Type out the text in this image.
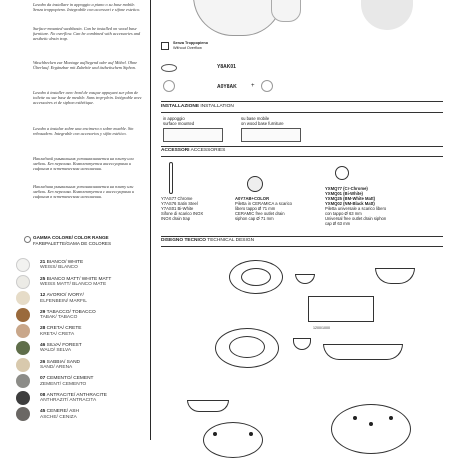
Lavabo da installare in appoggio a piano o su base mobile. Senza troppopieno. Integrabile con accessori e sifone estetico.

Surface-mounted washbasin. Can be installed on wood base furniture. No overflow. Can be combined with accessories and aesthetic drain trap.

Waschbecken zur Montage aufliegend oder auf Möbel. Ohne Überlauf. Ergänzbar mit Zubehör und ästhetischem Siphon.

Lavabo à installer avec bord de vasque appuyant sur plan de toilette ou sur base de meuble. Sans trop-plein. Intégrable avec accessoires et de siphon esthétique.

Lavabo a instalar sobre una encimera o sobre mueble. Sin rebosadero. Integrable con accesorios y sifón estético.

Накладной умывальник устанавливается на плиту или мебель. Без перелива. Комплектуется аксессуарами и сифоном в эстетическом исполнении.

Накладная умывальник устанавливается на плиту или мебель. Без перелива. Комплектуется с аксессуарами и сифоном в эстетическом исполнении.

GAMMA COLORE/ COLOR RANGE
FARBPALETTE/GAMA DE COLORES
21 BIANCO/ WHITE
WEISS/ BLANCO
25 BIANCO MATT/ WHITE MATT
WEISS MATT/ BLANCO MATE
12 AVORIO/ IVORY/
ELFENBEIN/ MARFIL
29 TABACCO/ TOBACCO
TABAK/ TABACO
28 CRETA/ CRETE
KRETA/ CRETA
46 SILVA/ FOREST
WALD/ SELVA
26 SABBIA/ SAND
SAND/ ARENA
07 CEMENTO/ CEMENT
ZEMENT/ CEMENTO
08 ANTRACITE/ ANTHRACITE
ANTHRAZIT/ ANTRACITA
45 CENERE/ ASH
ASCHE/ CENIZA
Senza Troppopieno
Without Overflow
Y8AK01
A0Y8AK +
INSTALLAZIONE INSTALLATION
in appoggio
surface mounted
su base mobile
on wood base furniture
ACCESSORI ACCESSORIES
Y7AS77 Chrome
Y7AS76 Satin Steel
Y7AS01 Bi-White
Sifone di scarico INOX
INOX drain trap
A0Y7AB+COLOR
Piletta in CERAMICA a scarico
libero tappo Ø 71 mm
CERAMIC free outlet drain
siphon cap Ø 71 mm
YXMQ77 (Cr-Chrome)
YXMQ01 (Bi-White)
YXMQ25 (BM-White Matt)
YXMQ02 (NM-Black Matt)
Piletta universale a scarico libero
con tappo Ø 63 mm
Universal free outlet drain siphon
cap Ø 63 mm
DISEGNO TECNICO TECHNICAL DESIGN
1200/1000
